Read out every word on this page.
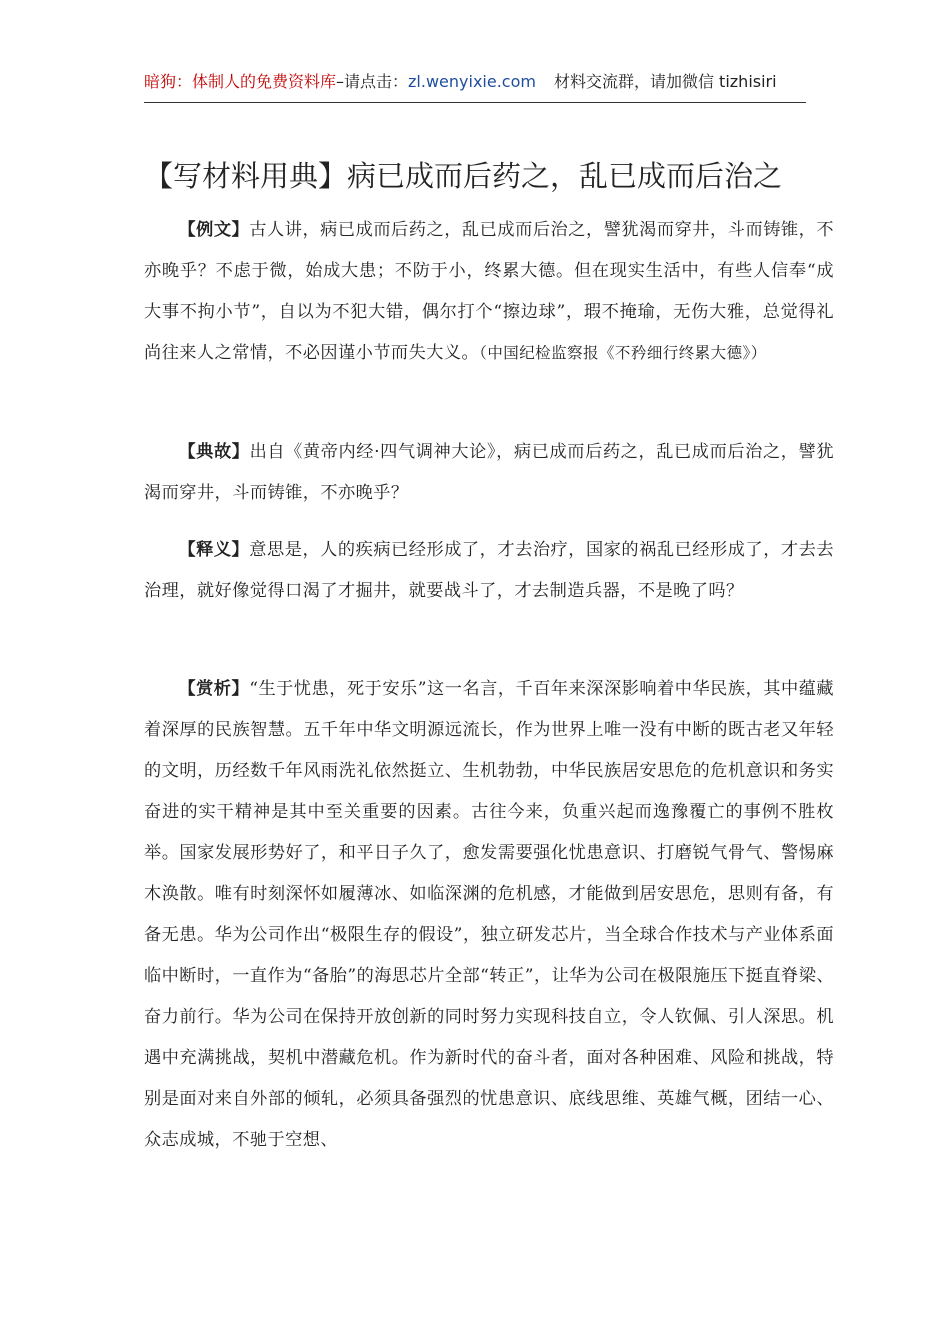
暗狗：体制人的免费资料库–请点击：zl.wenyixie.com 材料交流群，请加微信 tizhisiri
【写材料用典】病已成而后药之，乱已成而后治之

【例文】古人讲，病已成而后药之，乱已成而后治之，譬犹渴而穿井，斗而铸锥，不亦晚乎？不虑于微，始成大患；不防于小，终累大德。但在现实生活中，有些人信奉“成大事不拘小节”，自以为不犯大错，偶尔打个“擦边球”，瑕不掩瑜，无伤大雅，总觉得礼尚往来人之常情，不必因谨小节而失大义。（中国纪检监察报《不矜细行终累大德》）

【典故】出自《黄帝内经·四气调神大论》，病已成而后药之，乱已成而后治之，譬犹渴而穿井，斗而铸锥，不亦晚乎？

【释义】意思是，人的疾病已经形成了，才去治疗，国家的祸乱已经形成了，才去去治理，就好像觉得口渴了才掘井，就要战斗了，才去制造兵器，不是晚了吗？

【赏析】“生于忧患，死于安乐”这一名言，千百年来深深影响着中华民族，其中蕴藏着深厚的民族智慧。五千年中华文明源远流长，作为世界上唯一没有中断的既古老又年轻的文明，历经数千年风雨洗礼依然挺立、生机勃勃，中华民族居安思危的危机意识和务实奋进的实干精神是其中至关重要的因素。古往今来，负重兴起而逸豫覆亡的事例不胜枚举。国家发展形势好了，和平日子久了，愈发需要强化忧患意识、打磨锐气骨气、警惕麻木涣散。唯有时刻深怀如履薄冰、如临深渊的危机感，才能做到居安思危，思则有备，有备无患。华为公司作出“极限生存的假设”，独立研发芯片，当全球合作技术与产业体系面临中断时，一直作为“备胎”的海思芯片全部“转正”，让华为公司在极限施压下挺直脊梁、奋力前行。华为公司在保持开放创新的同时努力实现科技自立，令人钦佩、引人深思。机遇中充满挑战，契机中潜藏危机。作为新时代的奋斗者，面对各种困难、风险和挑战，特别是面对来自外部的倾轧，必须具备强烈的忧患意识、底线思维、英雄气概，团结一心、众志成城，不驰于空想、
